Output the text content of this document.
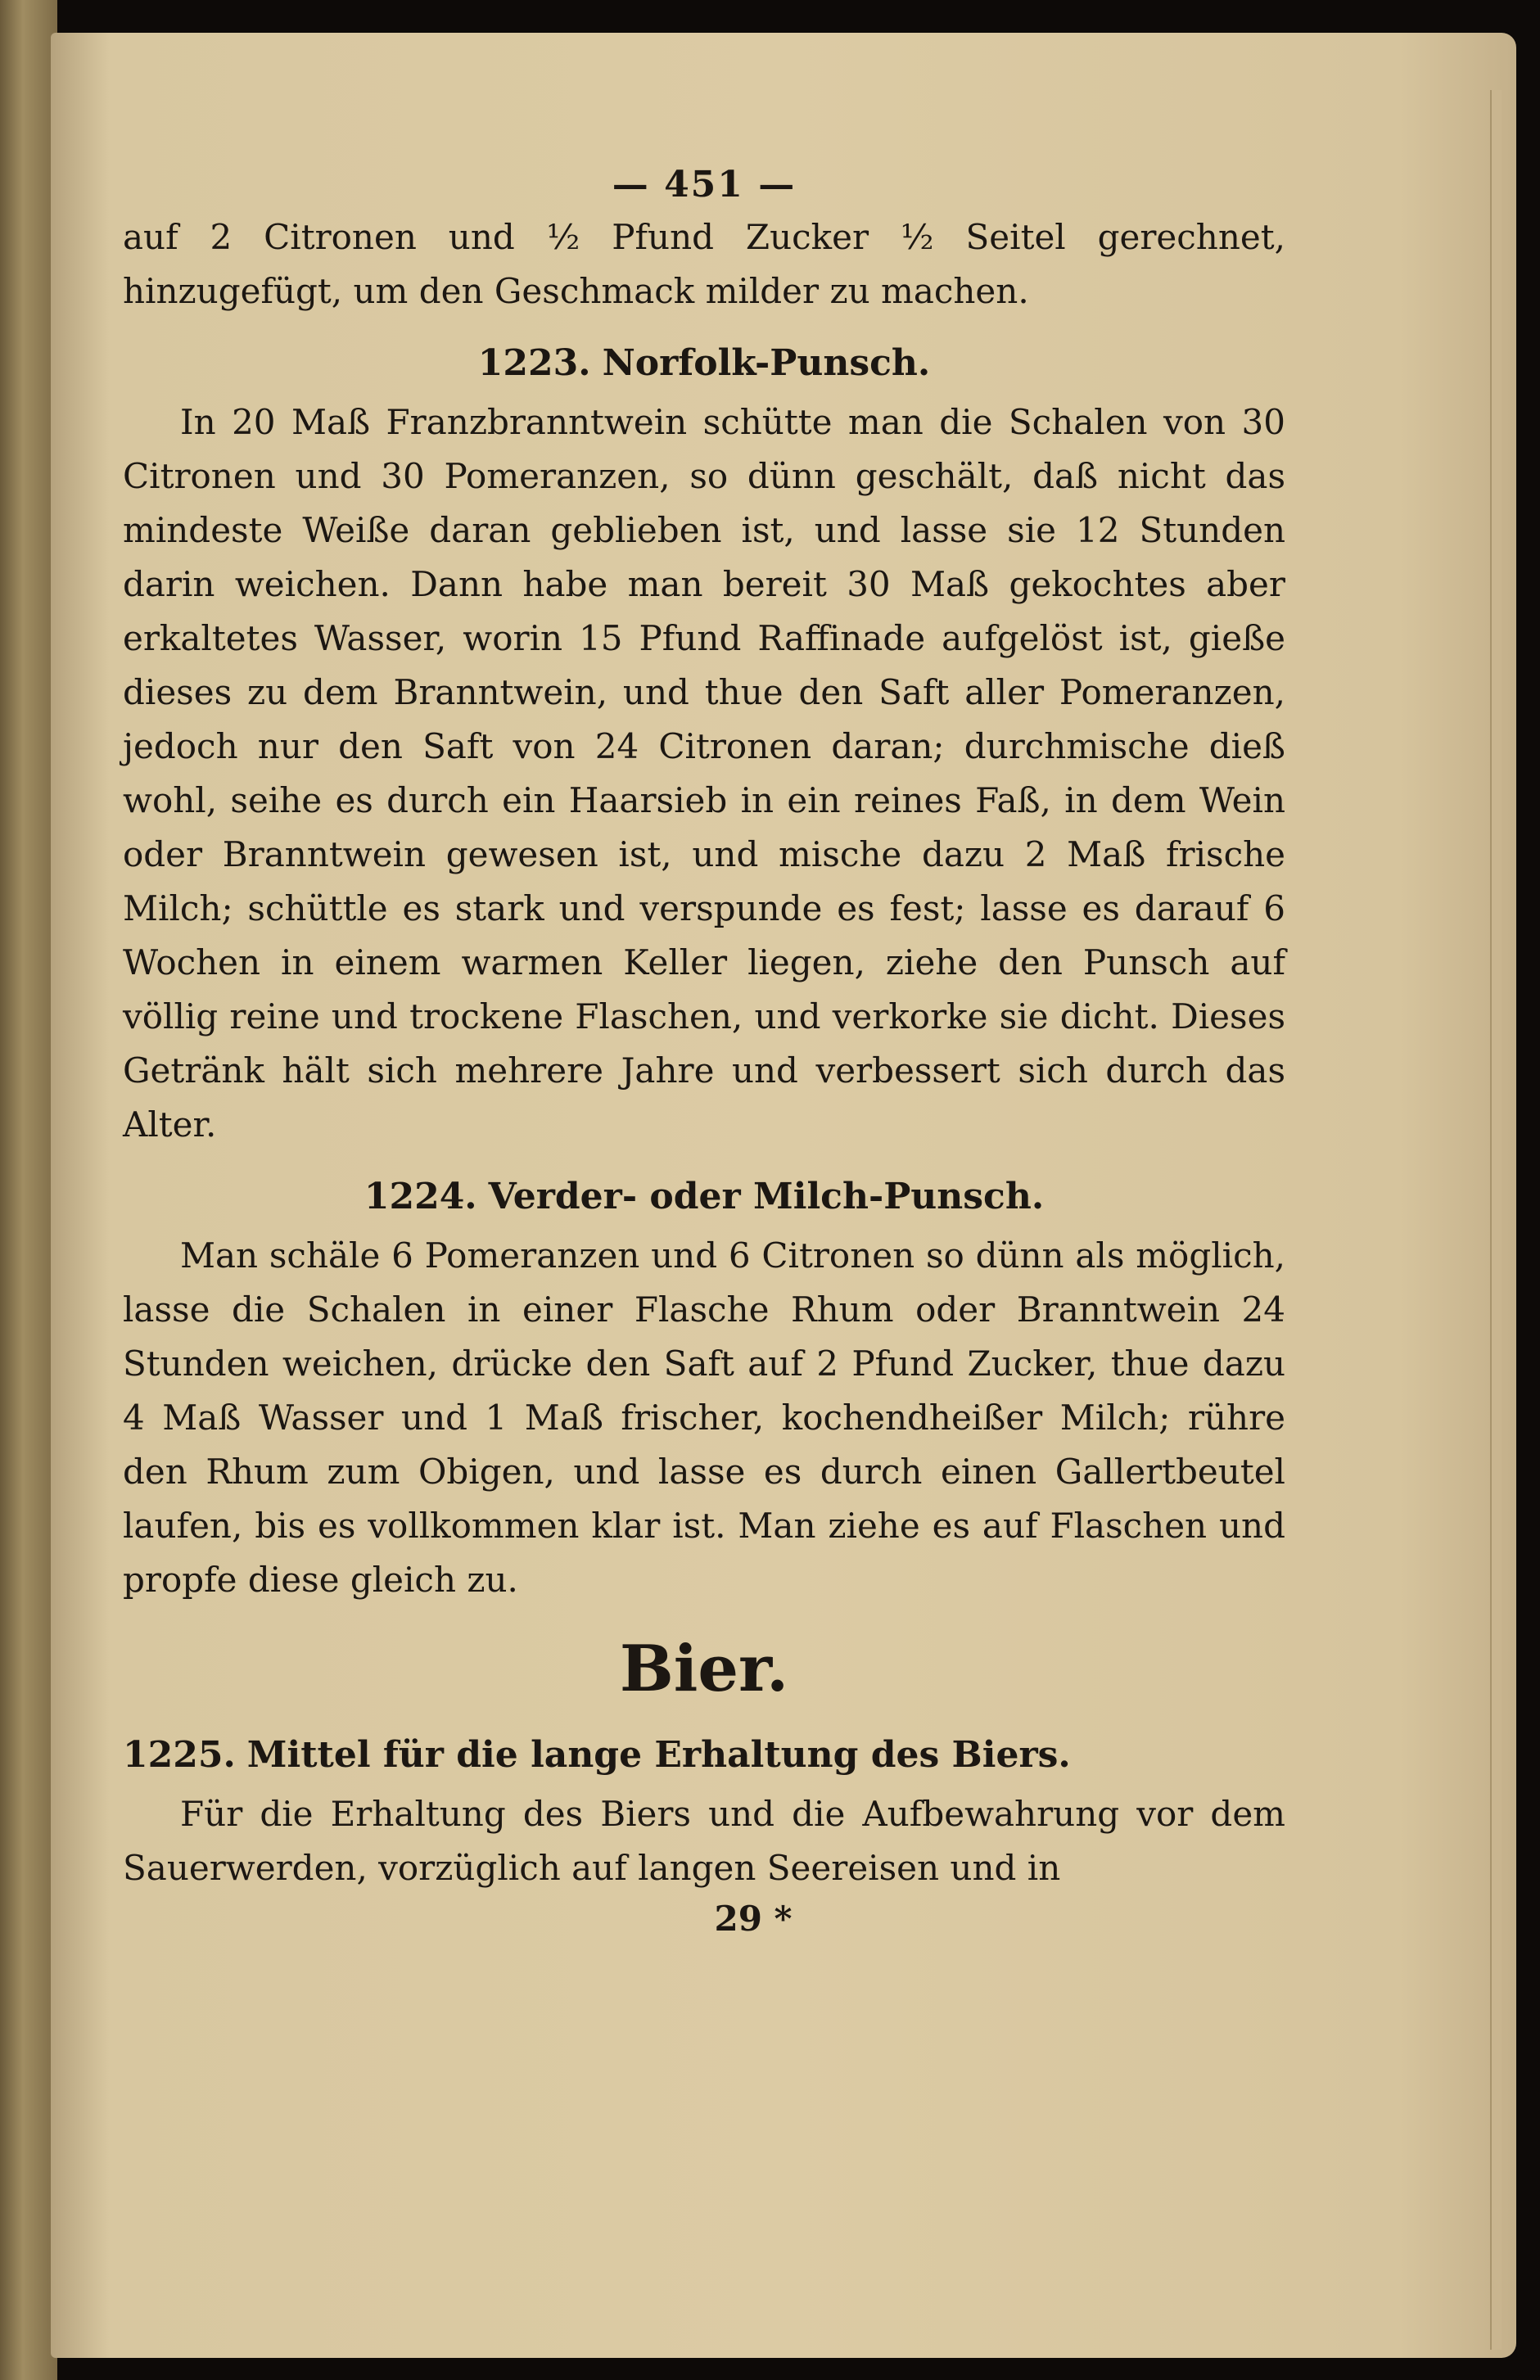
— 451 —

auf 2 Citronen und ½ Pfund Zucker ½ Seitel gerechnet, hinzugefügt, um den Geschmack milder zu machen.

1223. Norfolk-Punsch.

In 20 Maß Franzbranntwein schütte man die Schalen von 30 Citronen und 30 Pomeranzen, so dünn geschält, daß nicht das mindeste Weiße daran geblieben ist, und lasse sie 12 Stunden darin weichen. Dann habe man bereit 30 Maß gekochtes aber erkaltetes Wasser, worin 15 Pfund Raffinade aufgelöst ist, gieße dieses zu dem Branntwein, und thue den Saft aller Pomeranzen, jedoch nur den Saft von 24 Citronen daran; durchmische dieß wohl, seihe es durch ein Haarsieb in ein reines Faß, in dem Wein oder Branntwein gewesen ist, und mische dazu 2 Maß frische Milch; schüttle es stark und verspunde es fest; lasse es darauf 6 Wochen in einem warmen Keller liegen, ziehe den Punsch auf völlig reine und trockene Flaschen, und verkorke sie dicht. Dieses Getränk hält sich mehrere Jahre und verbessert sich durch das Alter.

1224. Verder- oder Milch-Punsch.

Man schäle 6 Pomeranzen und 6 Citronen so dünn als möglich, lasse die Schalen in einer Flasche Rhum oder Branntwein 24 Stunden weichen, drücke den Saft auf 2 Pfund Zucker, thue dazu 4 Maß Wasser und 1 Maß frischer, kochendheißer Milch; rühre den Rhum zum Obigen, und lasse es durch einen Gallertbeutel laufen, bis es vollkommen klar ist. Man ziehe es auf Flaschen und propfe diese gleich zu.

Bier.
1225. Mittel für die lange Erhaltung des Biers.

Für die Erhaltung des Biers und die Aufbewahrung vor dem Sauerwerden, vorzüglich auf langen Seereisen und in

29 *
